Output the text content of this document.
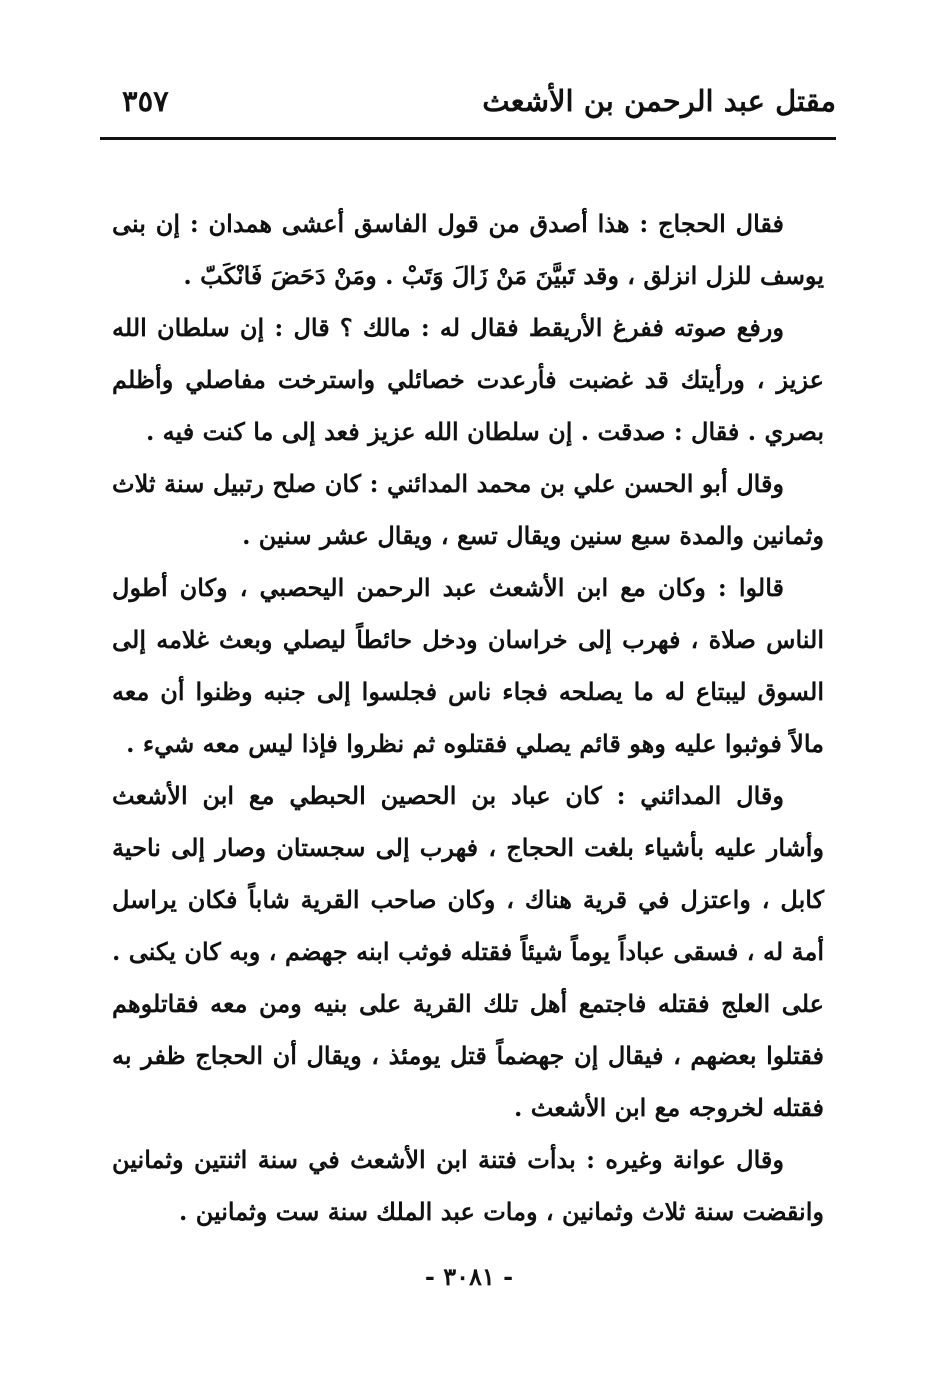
مقتل عبد الرحمن بن الأشعث
٣٥٧

فقال الحجاج : هذا أصدق من قول الفاسق أعشى همدان : إن بنى يوسف للزل انزلق ، وقد تَبيَّنَ مَنْ زَالَ وَتَبْ . ومَنْ دَحَضَ فَانْكَبّ .

ورفع صوته ففرغ الأريقط فقال له : مالك ؟ قال : إن سلطان الله عزيز ، ورأيتك قد غضبت فأرعدت خصائلي واسترخت مفاصلي وأظلم بصري . فقال : صدقت . إن سلطان الله عزيز فعد إلى ما كنت فيه .

وقال أبو الحسن علي بن محمد المدائني : كان صلح رتبيل سنة ثلاث وثمانين والمدة سبع سنين ويقال تسع ، ويقال عشر سنين .

قالوا : وكان مع ابن الأشعث عبد الرحمن اليحصبي ، وكان أطول الناس صلاة ، فهرب إلى خراسان ودخل حائطاً ليصلي وبعث غلامه إلى السوق ليبتاع له ما يصلحه فجاء ناس فجلسوا إلى جنبه وظنوا أن معه مالاً فوثبوا عليه وهو قائم يصلي فقتلوه ثم نظروا فإذا ليس معه شيء .

وقال المدائني : كان عباد بن الحصين الحبطي مع ابن الأشعث وأشار عليه بأشياء بلغت الحجاج ، فهرب إلى سجستان وصار إلى ناحية كابل ، واعتزل في قرية هناك ، وكان صاحب القرية شاباً فكان يراسل أمة له ، فسقى عباداً يوماً شيئاً فقتله فوثب ابنه جهضم ، وبه كان يكنى . على العلج فقتله فاجتمع أهل تلك القرية على بنيه ومن معه فقاتلوهم فقتلوا بعضهم ، فيقال إن جهضماً قتل يومئذ ، ويقال أن الحجاج ظفر به فقتله لخروجه مع ابن الأشعث .

وقال عوانة وغيره : بدأت فتنة ابن الأشعث في سنة اثنتين وثمانين وانقضت سنة ثلاث وثمانين ، ومات عبد الملك سنة ست وثمانين .

- ٣٠٨١ -
